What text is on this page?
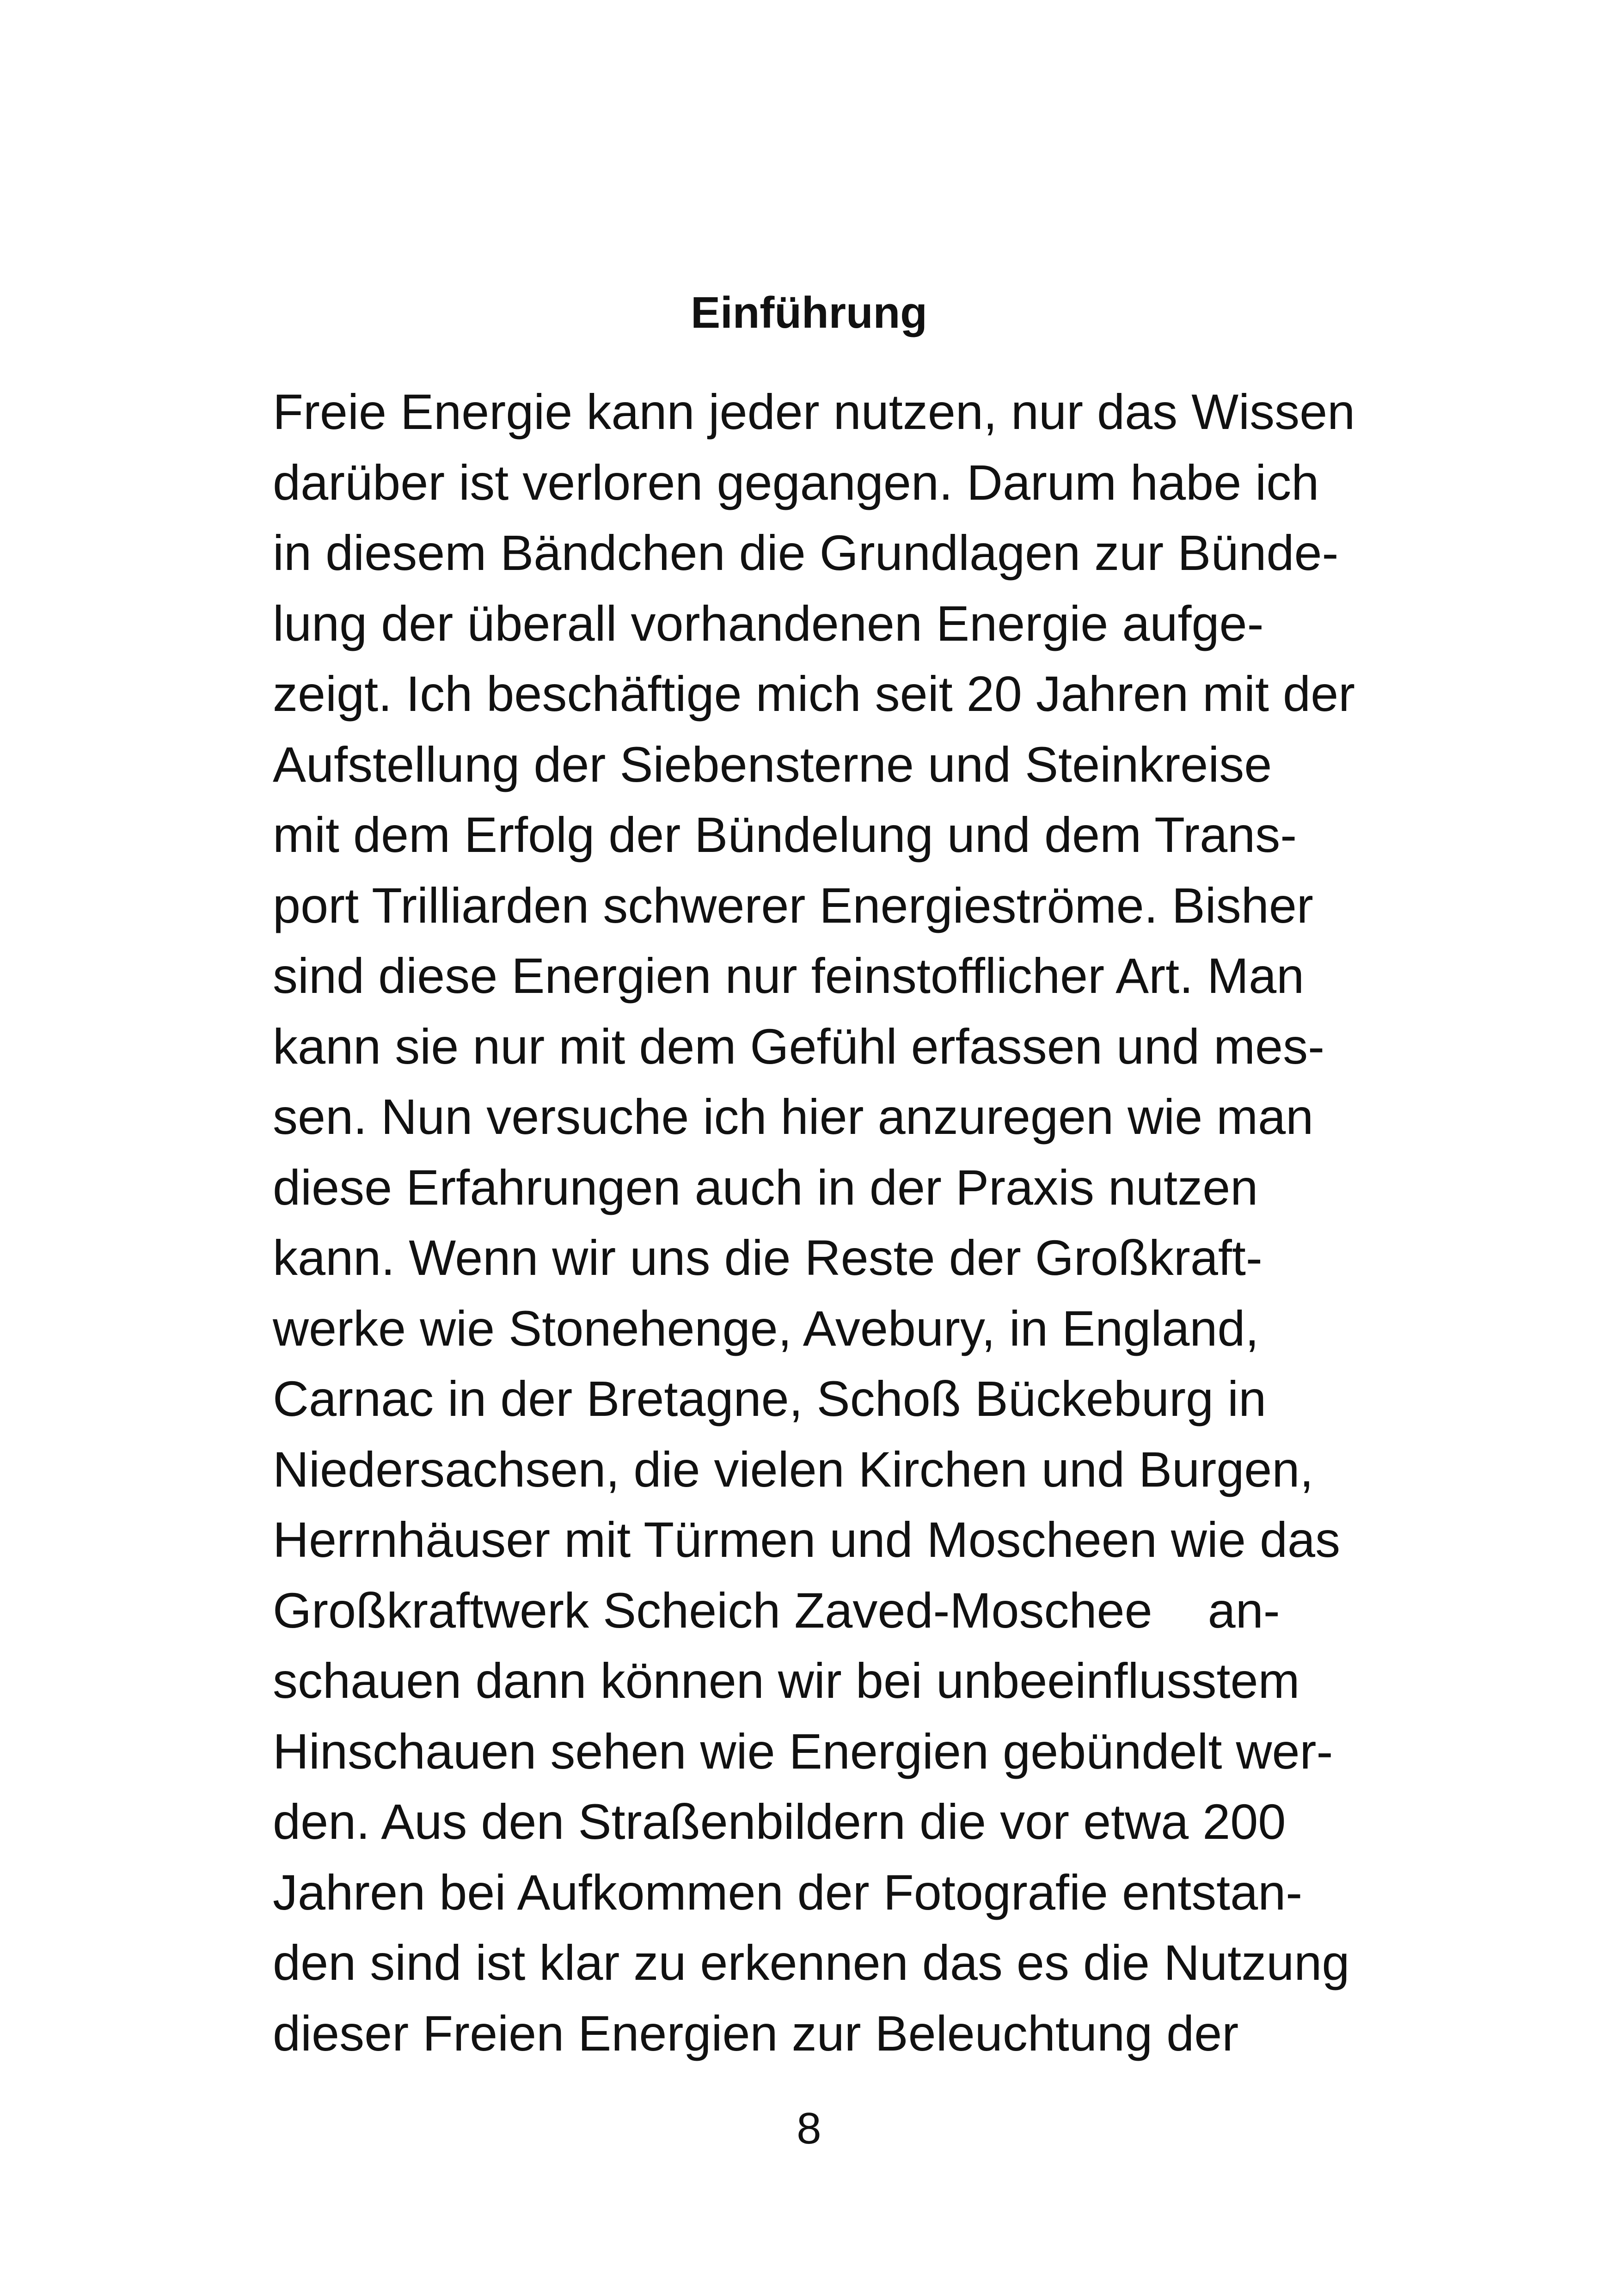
Einführung
Freie Energie kann jeder nutzen, nur das Wissen
darüber ist verloren gegangen. Darum habe ich
in diesem Bändchen die Grundlagen zur Bünde-
lung der überall vorhandenen Energie aufge-
zeigt. Ich beschäftige mich seit 20 Jahren mit der
Aufstellung der Siebensterne und Steinkreise
mit dem Erfolg der Bündelung und dem Trans-
port Trilliarden schwerer Energieströme. Bisher
sind diese Energien nur feinstofflicher Art. Man
kann sie nur mit dem Gefühl erfassen und mes-
sen. Nun versuche ich hier anzuregen wie man
diese Erfahrungen auch in der Praxis nutzen
kann. Wenn wir uns die Reste der Großkraft-
werke wie Stonehenge, Avebury, in England,
Carnac in der Bretagne, Schoß Bückeburg in
Niedersachsen, die vielen Kirchen und Burgen,
Herrnhäuser mit Türmen und Moscheen wie das
Großkraftwerk Scheich Zaved-Moschee    an-
schauen dann können wir bei unbeeinflusstem
Hinschauen sehen wie Energien gebündelt wer-
den. Aus den Straßenbildern die vor etwa 200
Jahren bei Aufkommen der Fotografie entstan-
den sind ist klar zu erkennen das es die Nutzung
dieser Freien Energien zur Beleuchtung der
8
